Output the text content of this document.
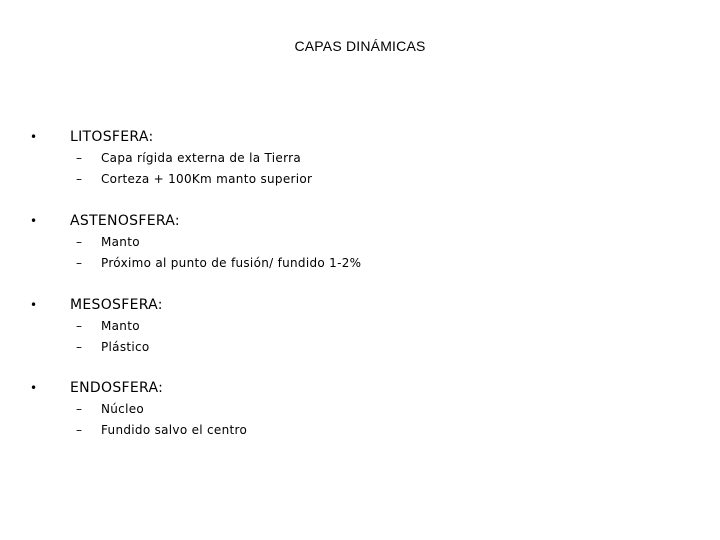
CAPAS DINÁMICAS
• LITOSFERA:
– Capa rígida externa de la Tierra
– Corteza + 100Km manto superior
• ASTENOSFERA:
– Manto
– Próximo al punto de fusión/ fundido 1-2%
• MESOSFERA:
– Manto
– Plástico
• ENDOSFERA:
– Núcleo
– Fundido salvo el centro
